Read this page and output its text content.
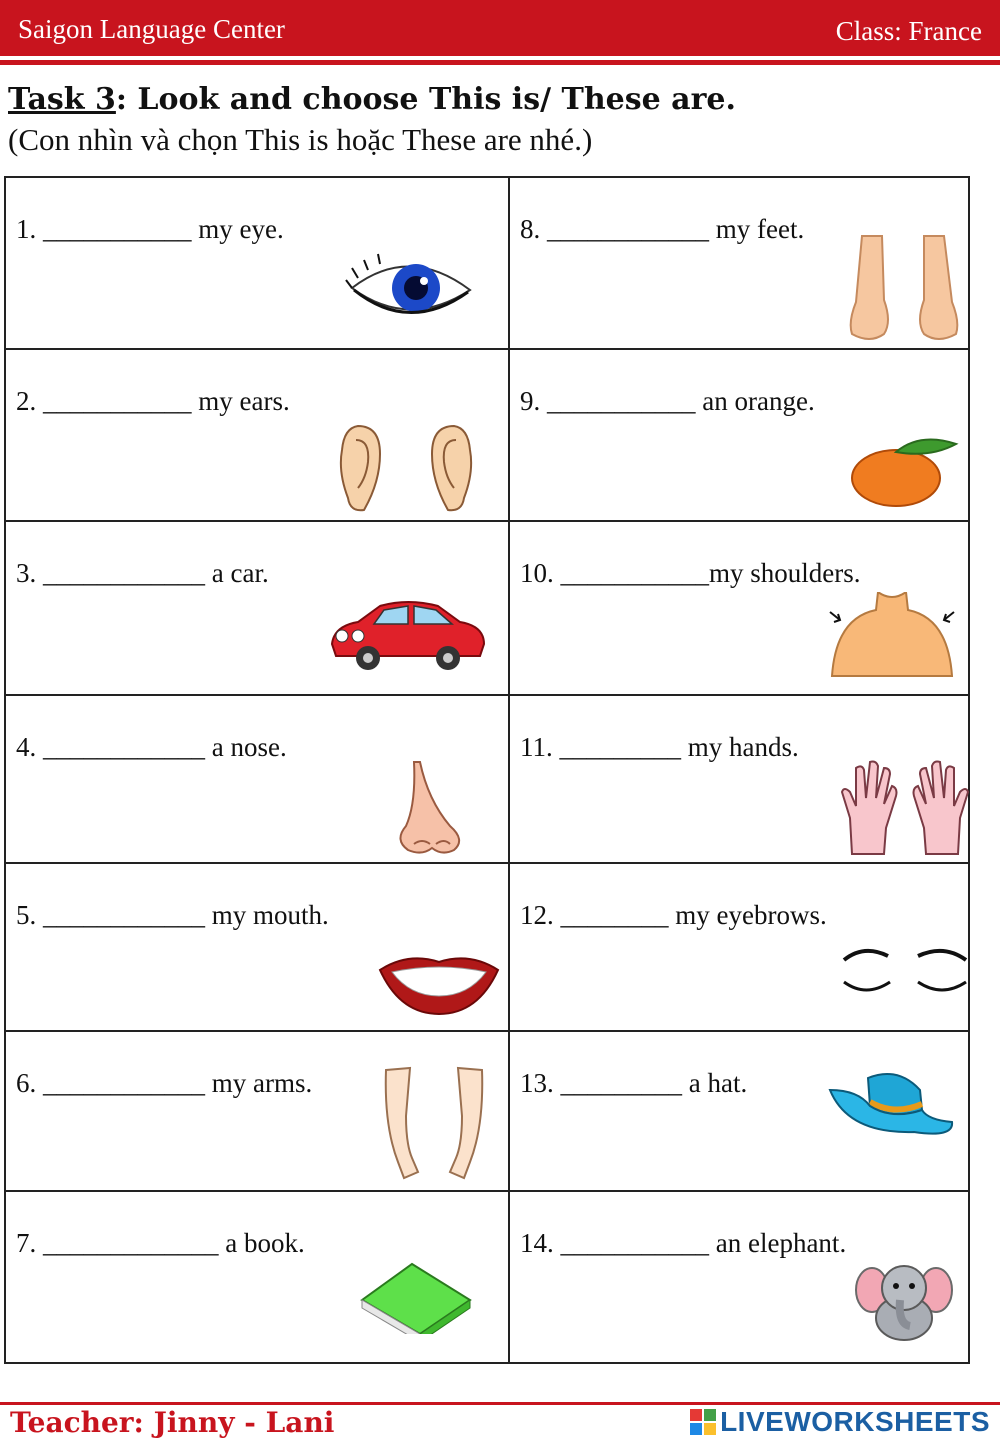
Saigon Language Center	Class: France
Task 3: Look and choose This is/ These are.
(Con nhìn và chọn This is hoặc These are nhé.)
1. ___________ my eye.	8. ____________ my feet.

2. ___________ my ears.	9. ___________ an orange.

3. ____________ a car.	10. ___________my shoulders.

4. ____________ a nose.	11. _________ my hands.

5. ____________ my mouth.	12. ________ my eyebrows.

6. ____________ my arms.	13. _________ a hat.

7. _____________ a book.	14. ___________ an elephant.
Teacher: Jinny - Lani	LIVEWORKSHEETS
